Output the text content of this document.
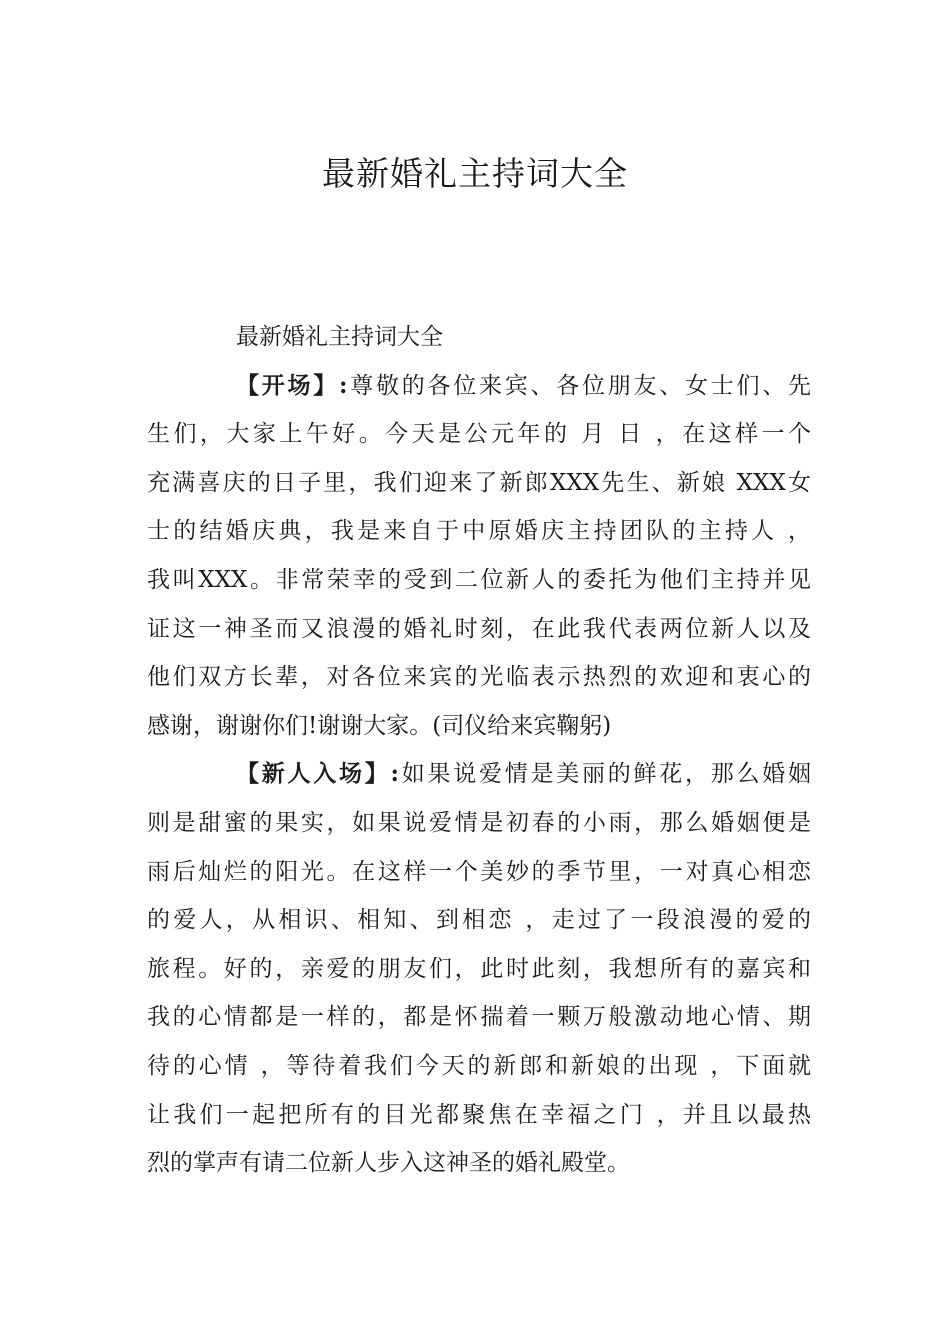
最新婚礼主持词大全
最新婚礼主持词大全
【开场】:尊敬的各位来宾、各位朋友、女士们、先
生们，大家上午好。今天是公元年的 月 日 ，在这样一个
充满喜庆的日子里，我们迎来了新郎XXX先生、新娘 XXX女
士的结婚庆典，我是来自于中原婚庆主持团队的主持人 ，
我叫XXX。非常荣幸的受到二位新人的委托为他们主持并见
证这一神圣而又浪漫的婚礼时刻，在此我代表两位新人以及
他们双方长辈，对各位来宾的光临表示热烈的欢迎和衷心的
感谢，谢谢你们!谢谢大家。(司仪给来宾鞠躬)
【新人入场】:如果说爱情是美丽的鲜花，那么婚姻
则是甜蜜的果实，如果说爱情是初春的小雨，那么婚姻便是
雨后灿烂的阳光。在这样一个美妙的季节里，一对真心相恋
的爱人，从相识、相知、到相恋 ，走过了一段浪漫的爱的
旅程。好的，亲爱的朋友们，此时此刻，我想所有的嘉宾和
我的心情都是一样的，都是怀揣着一颗万般激动地心情、期
待的心情 ，等待着我们今天的新郎和新娘的出现 ，下面就
让我们一起把所有的目光都聚焦在幸福之门 ，并且以最热
烈的掌声有请二位新人步入这神圣的婚礼殿堂。
